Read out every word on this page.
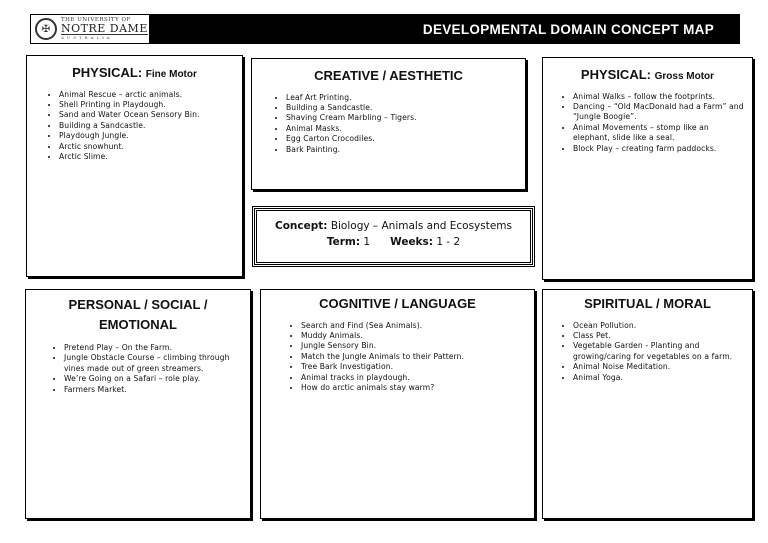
✠
THE UNIVERSITY OF
NOTRE DAME
AUSTRALIA
DEVELOPMENTAL DOMAIN CONCEPT MAP
PHYSICAL: Fine Motor
• Animal Rescue – arctic animals.
• Shell Printing in Playdough.
• Sand and Water Ocean Sensory Bin.
• Building a Sandcastle.
• Playdough Jungle.
• Arctic snowhunt.
• Arctic Slime.
CREATIVE / AESTHETIC
• Leaf Art Printing.
• Building a Sandcastle.
• Shaving Cream Marbling – Tigers.
• Animal Masks.
• Egg Carton Crocodiles.
• Bark Painting.
PHYSICAL: Gross Motor
• Animal Walks – follow the footprints.
• Dancing – “Old MacDonald had a Farm” and “Jungle Boogie”.
• Animal Movements – stomp like an elephant, slide like a seal.
• Block Play – creating farm paddocks.
Concept: Biology – Animals and Ecosystems
Term: 1 Weeks: 1 - 2
PERSONAL / SOCIAL /
EMOTIONAL
• Pretend Play – On the Farm.
• Jungle Obstacle Course – climbing through vines made out of green streamers.
• We’re Going on a Safari – role play.
• Farmers Market.
COGNITIVE / LANGUAGE
• Search and Find (Sea Animals).
• Muddy Animals.
• Jungle Sensory Bin.
• Match the Jungle Animals to their Pattern.
• Tree Bark Investigation.
• Animal tracks in playdough.
• How do arctic animals stay warm?
SPIRITUAL / MORAL
• Ocean Pollution.
• Class Pet.
• Vegetable Garden - Planting and growing/caring for vegetables on a farm.
• Animal Noise Meditation.
• Animal Yoga.
